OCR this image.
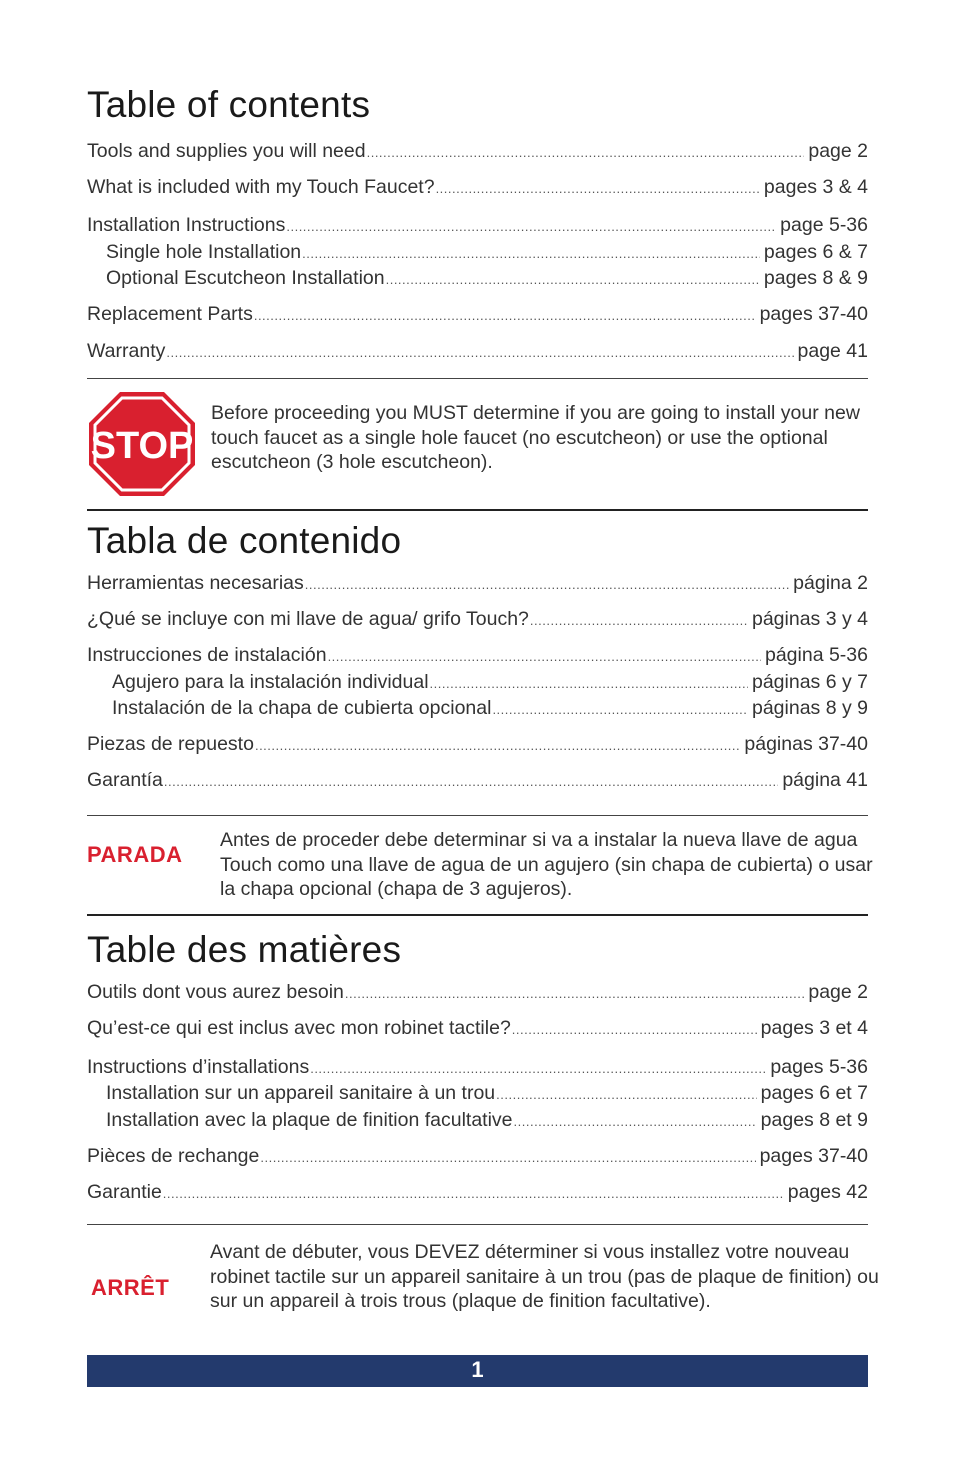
Table of contents
Tools and supplies you will need .....	page 2
What is included with my Touch Faucet? .....	pages 3 & 4
Installation Instructions .....	page 5-36
Single hole Installation .....	pages 6 & 7
Optional Escutcheon Installation .....	pages 8 & 9
Replacement Parts .....	pages 37-40
Warranty .....	page 41
STOP
Before proceeding you MUST determine if you are going to install your new touch faucet as a single hole faucet (no escutcheon) or use the optional escutcheon (3 hole escutcheon).
Tabla de contenido
Herramientas necesarias .....	página 2
¿Qué se incluye con mi llave de agua/ grifo Touch? .....	páginas 3 y 4
Instrucciones de instalación .....	página 5-36
Agujero para la instalación individual .....	páginas 6 y 7
Instalación de la chapa de cubierta opcional .....	páginas 8 y 9
Piezas de repuesto .....	páginas 37-40
Garantía .....	página 41
PARADA
Antes de proceder debe determinar si va a instalar la nueva llave de agua Touch como una llave de agua de un agujero (sin chapa de cubierta) o usar la chapa opcional (chapa de 3 agujeros).
Table des matières
Outils dont vous aurez besoin .....	page 2
Qu’est-ce qui est inclus avec mon robinet tactile? .....	pages 3 et 4
Instructions d’installations .....	pages 5-36
Installation sur un appareil sanitaire à un trou .....	pages 6 et 7
Installation avec la plaque de finition facultative .....	pages 8 et 9
Pièces de rechange .....	pages 37-40
Garantie .....	pages 42
ARRÊT
Avant de débuter, vous DEVEZ déterminer si vous installez votre nouveau robinet tactile sur un appareil sanitaire à un trou (pas de plaque de finition) ou sur un appareil à trois trous (plaque de finition facultative).
1
